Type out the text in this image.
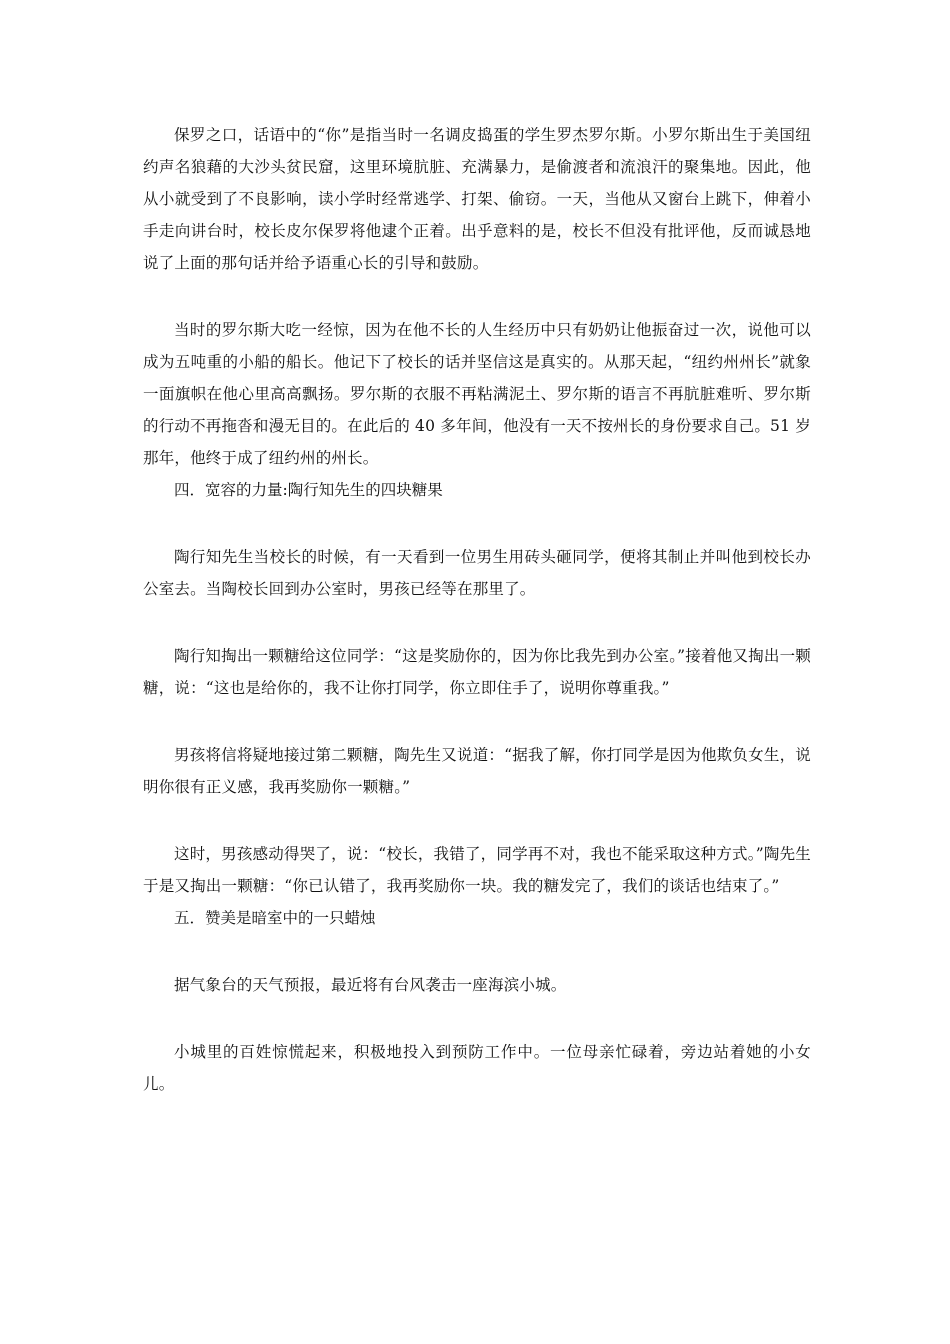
保罗之口，话语中的“你”是指当时一名调皮捣蛋的学生罗杰罗尔斯。小罗尔斯出生于美国纽约声名狼藉的大沙头贫民窟，这里环境肮脏、充满暴力，是偷渡者和流浪汗的聚集地。因此，他从小就受到了不良影响，读小学时经常逃学、打架、偷窃。一天，当他从又窗台上跳下，伸着小手走向讲台时，校长皮尔保罗将他逮个正着。出乎意料的是，校长不但没有批评他，反而诚恳地说了上面的那句话并给予语重心长的引导和鼓励。

当时的罗尔斯大吃一经惊，因为在他不长的人生经历中只有奶奶让他振奋过一次，说他可以成为五吨重的小船的船长。他记下了校长的话并坚信这是真实的。从那天起，“纽约州州长”就象一面旗帜在他心里高高飘扬。罗尔斯的衣服不再粘满泥土、罗尔斯的语言不再肮脏难听、罗尔斯的行动不再拖沓和漫无目的。在此后的 40 多年间，他没有一天不按州长的身份要求自己。51 岁那年，他终于成了纽约州的州长。

四．宽容的力量:陶行知先生的四块糖果

陶行知先生当校长的时候，有一天看到一位男生用砖头砸同学，便将其制止并叫他到校长办公室去。当陶校长回到办公室时，男孩已经等在那里了。

陶行知掏出一颗糖给这位同学：“这是奖励你的，因为你比我先到办公室。”接着他又掏出一颗糖，说：“这也是给你的，我不让你打同学，你立即住手了，说明你尊重我。”

男孩将信将疑地接过第二颗糖，陶先生又说道：“据我了解，你打同学是因为他欺负女生，说明你很有正义感，我再奖励你一颗糖。”

这时，男孩感动得哭了，说：“校长，我错了，同学再不对，我也不能采取这种方式。”陶先生于是又掏出一颗糖：“你已认错了，我再奖励你一块。我的糖发完了，我们的谈话也结束了。”

五．赞美是暗室中的一只蜡烛

据气象台的天气预报，最近将有台风袭击一座海滨小城。

小城里的百姓惊慌起来，积极地投入到预防工作中。一位母亲忙碌着，旁边站着她的小女儿。
